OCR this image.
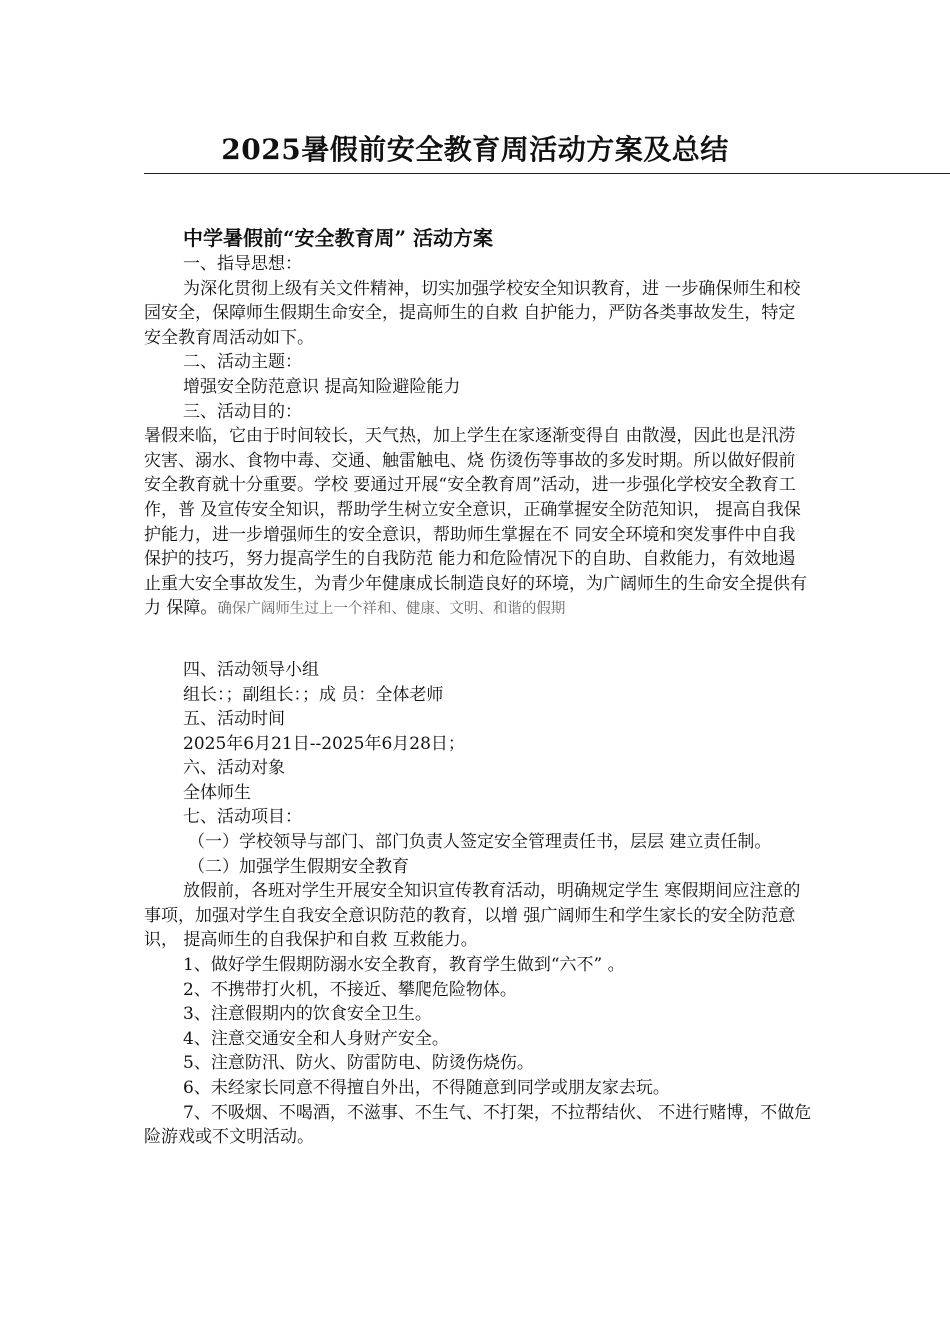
2025暑假前安全教育周活动方案及总结

中学暑假前“安全教育周” 活动方案

一、指导思想：

为深化贯彻上级有关文件精神，切实加强学校安全知识教育，进 一步确保师生和校园安全，保障师生假期生命安全，提高师生的自救 自护能力，严防各类事故发生，特定安全教育周活动如下。

二、活动主题：

增强安全防范意识 提高知险避险能力

三、活动目的：

暑假来临，它由于时间较长，天气热，加上学生在家逐渐变得自 由散漫，因此也是汛涝灾害、溺水、食物中毒、交通、触雷触电、烧 伤烫伤等事故的多发时期。所以做好假前安全教育就十分重要。学校 要通过开展“安全教育周”活动，进一步强化学校安全教育工作，普 及宣传安全知识，帮助学生树立安全意识，正确掌握安全防范知识， 提高自我保护能力，进一步增强师生的安全意识，帮助师生掌握在不 同安全环境和突发事件中自我保护的技巧，努力提高学生的自我防范 能力和危险情况下的自助、自救能力，有效地遏止重大安全事故发生，为青少年健康成长制造良好的环境，为广阔师生的生命安全提供有力 保障。确保广阔师生过上一个祥和、健康、文明、和谐的假期

四、活动领导小组

组长：；副组长：；成 员：全体老师

五、活动时间

2025年6月21日--2025年6月28日；

六、活动对象

全体师生

七、活动项目：

（一）学校领导与部门、部门负责人签定安全管理责任书，层层 建立责任制。

（二）加强学生假期安全教育

放假前，各班对学生开展安全知识宣传教育活动，明确规定学生 寒假期间应注意的事项，加强对学生自我安全意识防范的教育，以增 强广阔师生和学生家长的安全防范意识， 提高师生的自我保护和自救 互救能力。

1、做好学生假期防溺水安全教育，教育学生做到“六不” 。

2、不携带打火机，不接近、攀爬危险物体。

3、注意假期内的饮食安全卫生。

4、注意交通安全和人身财产安全。

5、注意防汛、防火、防雷防电、防烫伤烧伤。

6、未经家长同意不得擅自外出，不得随意到同学或朋友家去玩。

7、不吸烟、不喝酒，不滋事、不生气、不打架，不拉帮结伙、 不进行赌博，不做危险游戏或不文明活动。
